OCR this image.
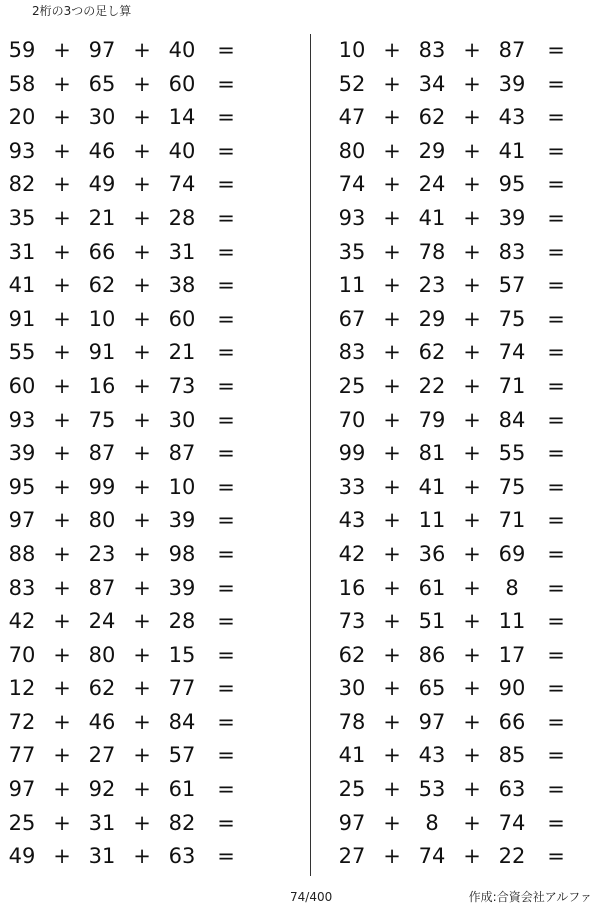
2桁の3つの足し算
59 + 97 + 40	=
58 + 65 + 60	=
20 + 30 + 14	=
93 + 46 + 40	=
82 + 49 + 74	=
35 + 21 + 28	=
31 + 66 + 31	=
41 + 62 + 38	=
91 + 10 + 60	=
55 + 91 + 21	=
60 + 16 + 73	=
93 + 75 + 30	=
39 + 87 + 87	=
95 + 99 + 10	=
97 + 80 + 39	=
88 + 23 + 98	=
83 + 87 + 39	=
42 + 24 + 28	=
70 + 80 + 15	=
12 + 62 + 77	=
72 + 46 + 84	=
77 + 27 + 57	=
97 + 92 + 61	=
25 + 31 + 82	=
49 + 31 + 63	=
10 + 83 + 87	=
52 + 34 + 39	=
47 + 62 + 43	=
80 + 29 + 41	=
74 + 24 + 95	=
93 + 41 + 39	=
35 + 78 + 83	=
11 + 23 + 57	=
67 + 29 + 75	=
83 + 62 + 74	=
25 + 22 + 71	=
70 + 79 + 84	=
99 + 81 + 55	=
33 + 41 + 75	=
43 + 11 + 71	=
42 + 36 + 69	=
16 + 61 +	8	=
73 + 51 + 11	=
62 + 86 + 17	=
30 + 65 + 90	=
78 + 97 + 66	=
41 + 43 + 85	=
25 + 53 + 63	=
97 +	8	+ 74	=
27 + 74 + 22	=
74/400	作成:合資会社アルファ
